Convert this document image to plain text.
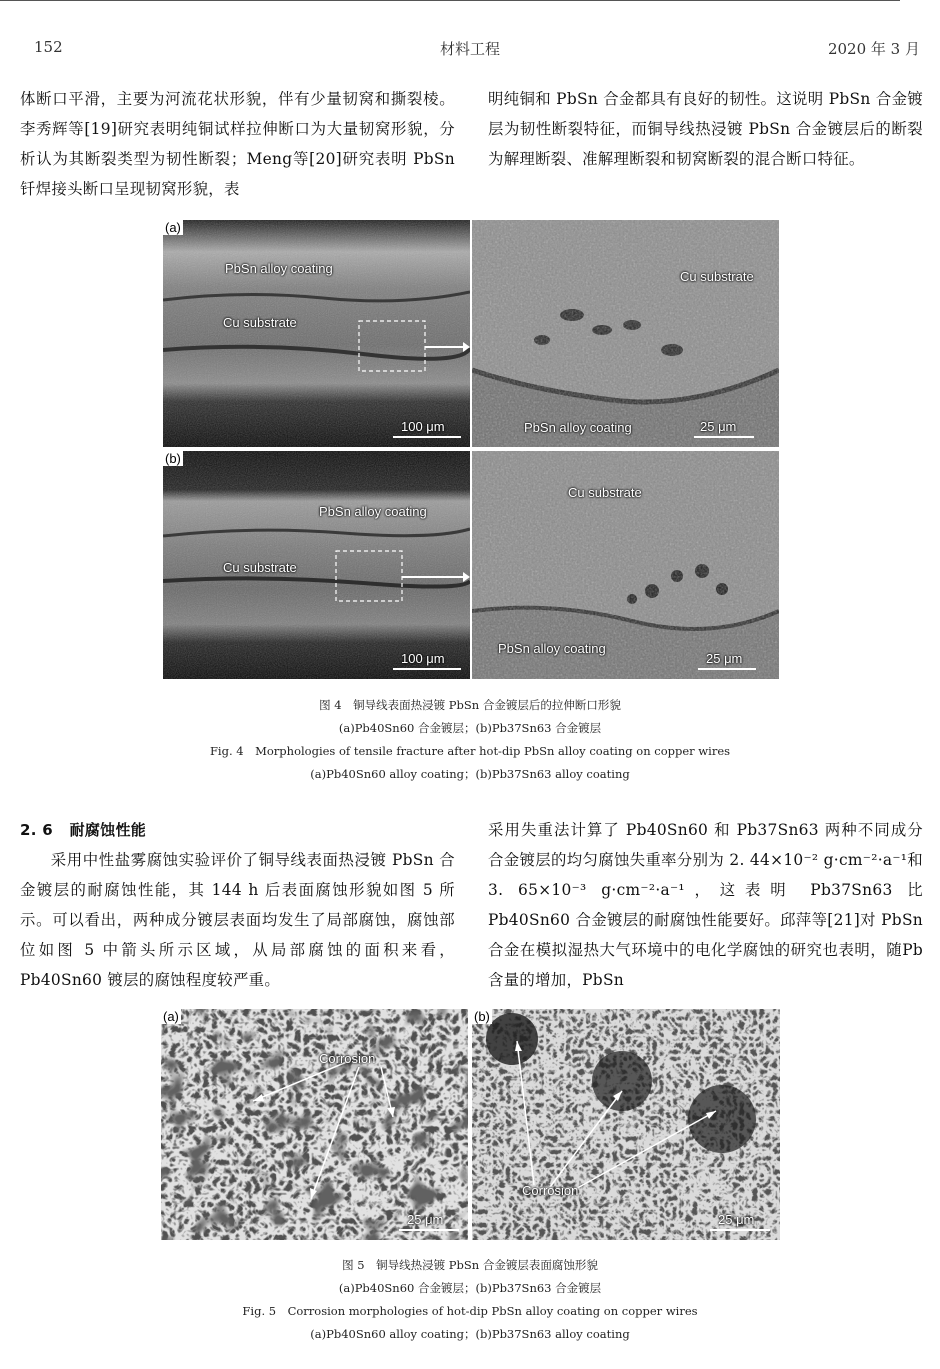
152	材料工程	2020 年 3 月

体断口平滑，主要为河流花状形貌，伴有少量韧窝和撕裂棱。李秀辉等[19]研究表明纯铜试样拉伸断口为大量韧窝形貌，分析认为其断裂类型为韧性断裂；Meng等[20]研究表明 PbSn 钎焊接头断口呈现韧窝形貌，表

明纯铜和 PbSn 合金都具有良好的韧性。这说明 PbSn 合金镀层为韧性断裂特征，而铜导线热浸镀 PbSn 合金镀层后的断裂为解理断裂、准解理断裂和韧窝断裂的混合断口特征。

(a)
PbSn alloy coating
Cu substrate
100 μm
Cu substrate
PbSn alloy coating	25 μm
(b)
PbSn alloy coating
Cu substrate
100 μm
Cu substrate
PbSn alloy coating
25 μm
图 4　铜导线表面热浸镀 PbSn 合金镀层后的拉伸断口形貌
(a)Pb40Sn60 合金镀层；(b)Pb37Sn63 合金镀层
Fig. 4　Morphologies of tensile fracture after hot-dip PbSn alloy coating on copper wires
(a)Pb40Sn60 alloy coating；(b)Pb37Sn63 alloy coating
2. 6 耐腐蚀性能

采用中性盐雾腐蚀实验评价了铜导线表面热浸镀 PbSn 合金镀层的耐腐蚀性能，其 144 h 后表面腐蚀形貌如图 5 所示。可以看出，两种成分镀层表面均发生了局部腐蚀，腐蚀部位如图 5 中箭头所示区域，从局部腐蚀的面积来看，Pb40Sn60 镀层的腐蚀程度较严重。

采用失重法计算了 Pb40Sn60 和 Pb37Sn63 两种不同成分合金镀层的均匀腐蚀失重率分别为 2. 44×10⁻² g·cm⁻²·a⁻¹和 3. 65×10⁻³ g·cm⁻²·a⁻¹，这表明 Pb37Sn63 比 Pb40Sn60 合金镀层的耐腐蚀性能要好。邱萍等[21]对 PbSn 合金在模拟湿热大气环境中的电化学腐蚀的研究也表明，随Pb含量的增加，PbSn

(a)
Corrosion
25 μm
(b)
Corrosion
25 μm
图 5　铜导线热浸镀 PbSn 合金镀层表面腐蚀形貌
(a)Pb40Sn60 合金镀层；(b)Pb37Sn63 合金镀层
Fig. 5　Corrosion morphologies of hot-dip PbSn alloy coating on copper wires
(a)Pb40Sn60 alloy coating；(b)Pb37Sn63 alloy coating
